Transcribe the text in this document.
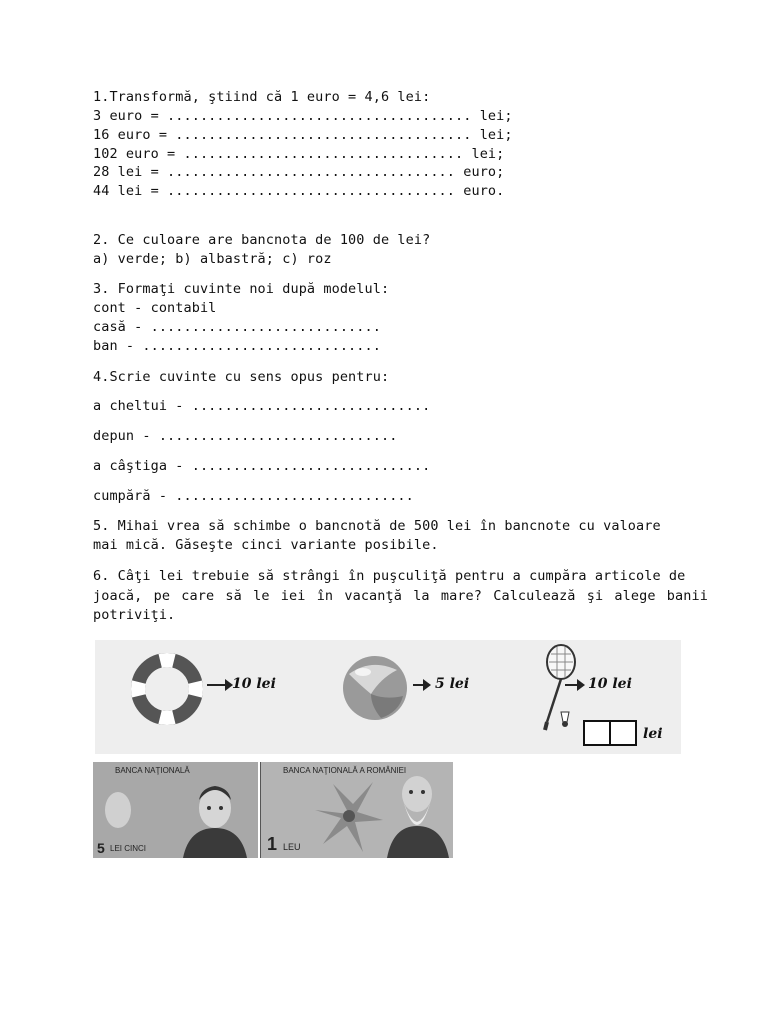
1.Transformă, ştiind că 1 euro = 4,6 lei:
3 euro = ..................................... lei;
16 euro = .................................... lei;
102 euro = .................................. lei;
28 lei = ................................... euro;
44 lei = ................................... euro.
2. Ce culoare are bancnota de 100 de lei?
a) verde; b) albastră; c) roz
3. Formaţi cuvinte noi după modelul:
cont - contabil
casă - ............................
ban - .............................
4.Scrie cuvinte cu sens opus pentru:
a cheltui - .............................
depun - .............................
a câştiga - .............................
cumpără - .............................
5. Mihai vrea să schimbe o bancnotă de 500 lei în bancnote cu valoare
mai mică. Găseşte cinci variante posibile.
6. Câţi lei trebuie să strângi în puşculiţă pentru a cumpăra articole de
joacă, pe care să le iei în vacanţă la mare? Calculează şi alege banii
potriviţi.
10 lei	5 lei	10 lei
lei
BANCA NAŢIONALĂ
5 LEI CINCI
BANCA NAŢIONALĂ A ROMÂNIEI
1 LEU
